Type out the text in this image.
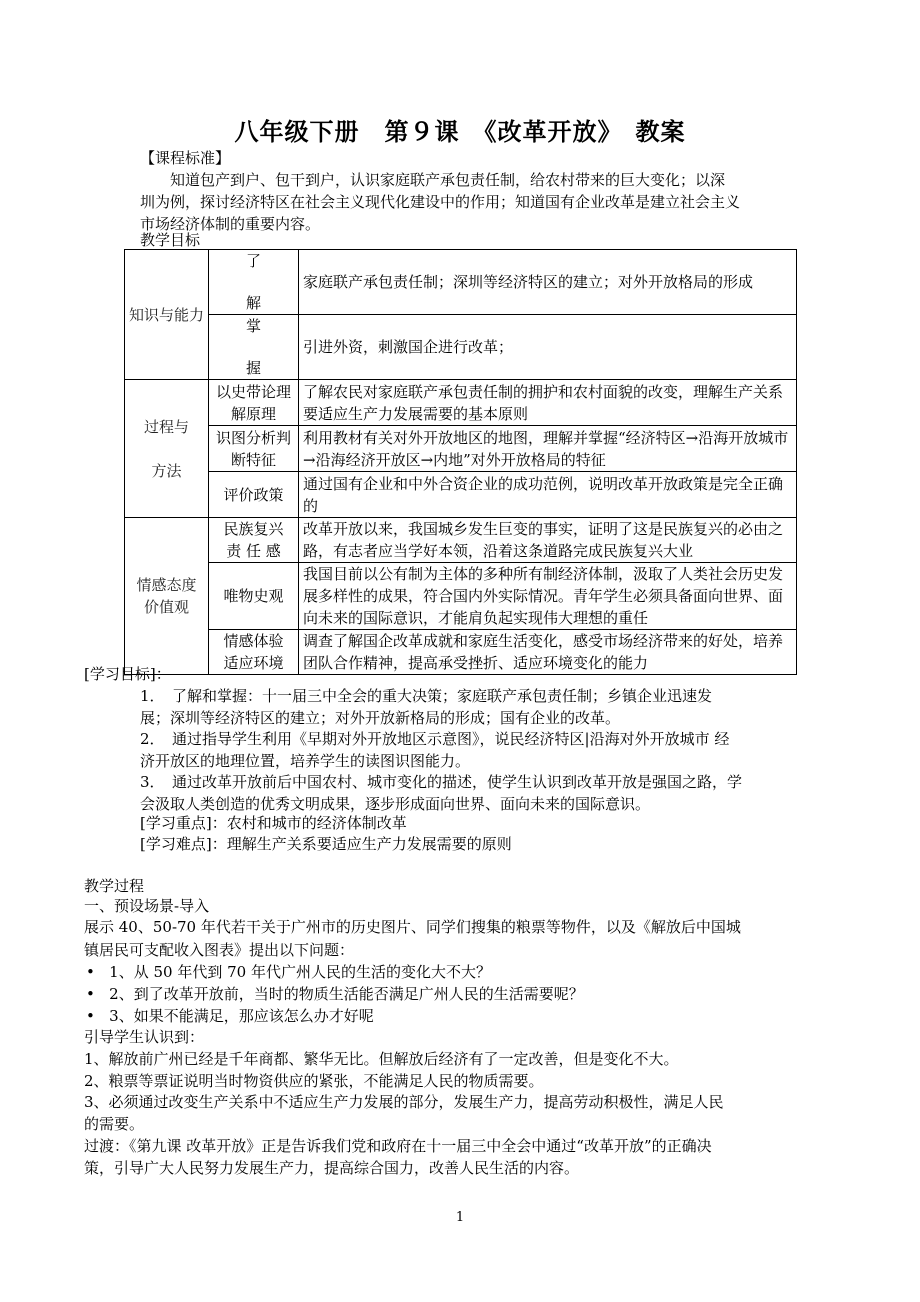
八年级下册　第９课　《改革开放》　教案
【课程标准】
知道包产到户、包干到户，认识家庭联产承包责任制，给农村带来的巨大变化；以深
圳为例，探讨经济特区在社会主义现代化建设中的作用；知道国有企业改革是建立社会主义
市场经济体制的重要内容。
教学目标
知识与能力	了
解	家庭联产承包责任制；深圳等经济特区的建立；对外开放格局的形成

	掌
握	引进外资，刺激国企进行改革；

过程与
方法	以史带论理解原理	了解农民对家庭联产承包责任制的拥护和农村面貌的改变，理解生产关系要适应生产力发展需要的基本原则
	识图分析判断特征	利用教材有关对外开放地区的地图，理解并掌握“经济特区→沿海开放城市→沿海经济开放区→内地”对外开放格局的特征
	评价政策	通过国有企业和中外合资企业的成功范例，说明改革开放政策是完全正确的
情感态度价值观	民族复兴
责 任 感	改革开放以来，我国城乡发生巨变的事实，证明了这是民族复兴的必由之路，有志者应当学好本领，沿着这条道路完成民族复兴大业
	唯物史观	我国目前以公有制为主体的多种所有制经济体制，汲取了人类社会历史发展多样性的成果，符合国内外实际情况。青年学生必须具备面向世界、面向未来的国际意识，才能肩负起实现伟大理想的重任

	情感体验
适应环境	调查了解国企改革成就和家庭生活变化，感受市场经济带来的好处，培养团队合作精神，提高承受挫折、适应环境变化的能力
[学习目标]：
1．　了解和掌握：十一届三中全会的重大决策；家庭联产承包责任制；乡镇企业迅速发
展；深圳等经济特区的建立；对外开放新格局的形成；国有企业的改革。
2．　通过指导学生利用《早期对外开放地区示意图》，说民经济特区|沿海对外开放城市 经
济开放区的地理位置，培养学生的读图识图能力。
3．　通过改革开放前后中国农村、城市变化的描述，使学生认识到改革开放是强国之路，学
会汲取人类创造的优秀文明成果，逐步形成面向世界、面向未来的国际意识。
[学习重点]：农村和城市的经济体制改革
[学习难点]：理解生产关系要适应生产力发展需要的原则
教学过程
一、预设场景-导入
展示 40、50-70 年代若干关于广州市的历史图片、同学们搜集的粮票等物件，以及《解放后中国城
镇居民可支配收入图表》提出以下问题：
• 1、从 50 年代到 70 年代广州人民的生活的变化大不大？
• 2、到了改革开放前，当时的物质生活能否满足广州人民的生活需要呢？
• 3、如果不能满足，那应该怎么办才好呢
引导学生认识到：
1、解放前广州已经是千年商都、繁华无比。但解放后经济有了一定改善，但是变化不大。
2、粮票等票证说明当时物资供应的紧张，不能满足人民的物质需要。
3、必须通过改变生产关系中不适应生产力发展的部分，发展生产力，提高劳动积极性，满足人民
的需要。
过渡：《第九课 改革开放》正是告诉我们党和政府在十一届三中全会中通过“改革开放”的正确决
策，引导广大人民努力发展生产力，提高综合国力，改善人民生活的内容。
1
